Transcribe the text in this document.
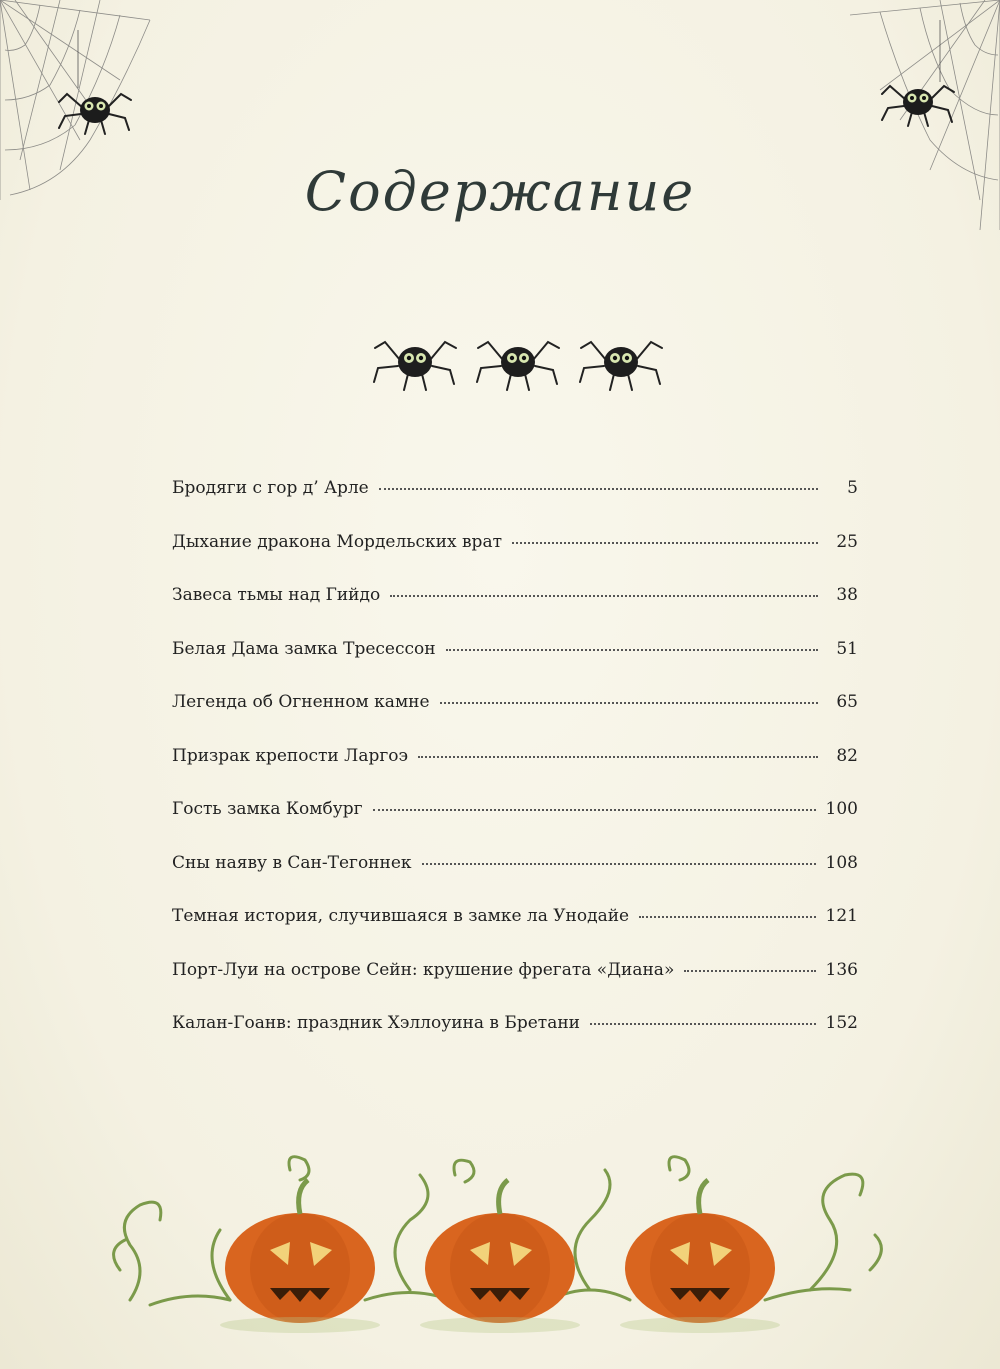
Содержание
Бродяги с гор д’ Арле	5
Дыхание дракона Мордельских врат	25
Завеса тьмы над Гийдо	38
Белая Дама замка Тресессон	51
Легенда об Огненном камне	65
Призрак крепости Ларгоэ	82
Гость замка Комбург	100
Сны наяву в Сан-Тегоннек	108
Темная история, случившаяся в замке ла Унодайе	121
Порт-Луи на острове Сейн: крушение фрегата «Диана»	136
Калан-Гоанв: праздник Хэллоуина в Бретани	152
